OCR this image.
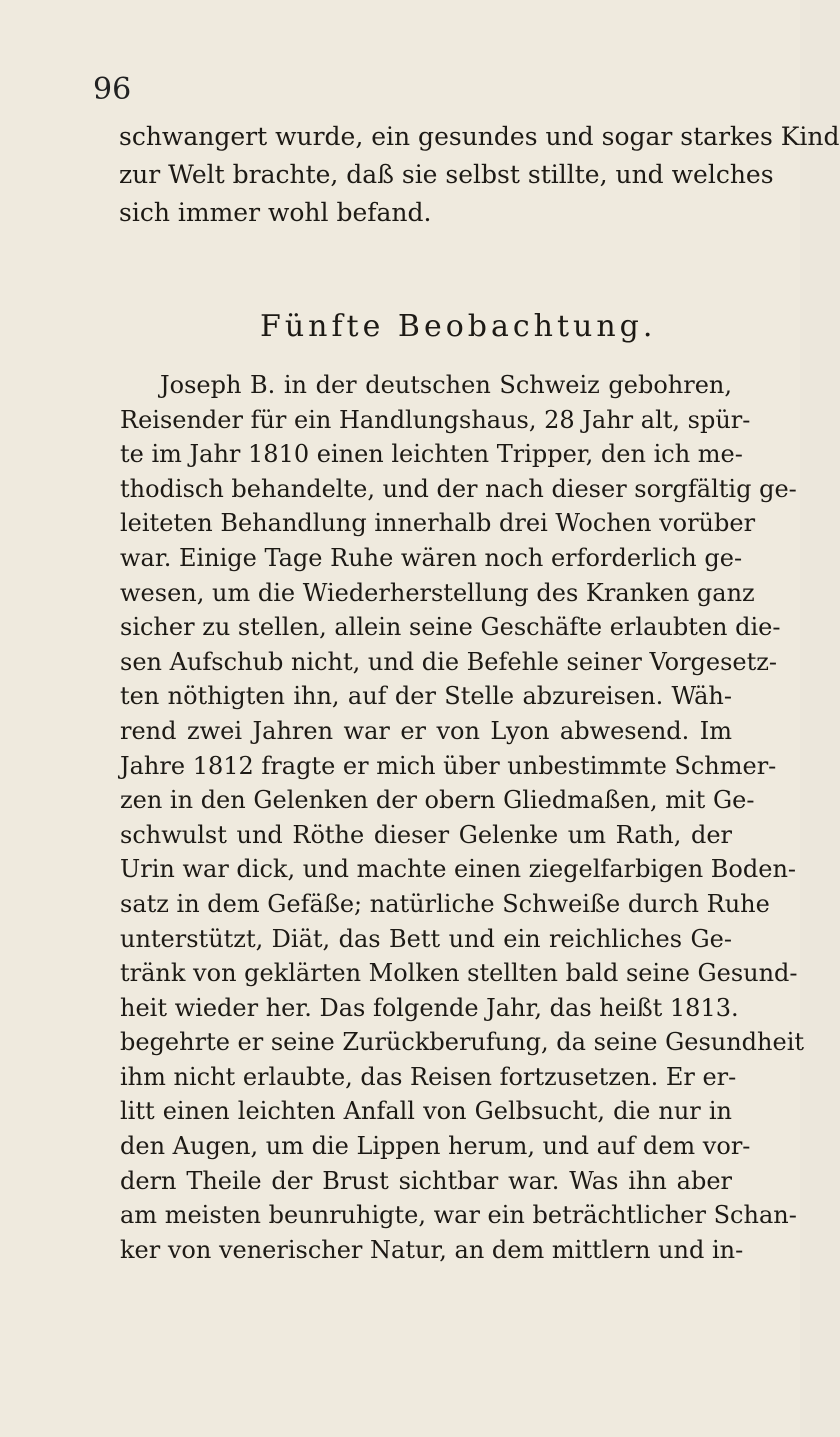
96
schwangert wurde, ein gesundes und sogar starkes Kind
zur Welt brachte, daß sie selbst stillte, und welches
sich immer wohl befand.
Fünfte Beobachtung.
Joseph B. in der deutschen Schweiz gebohren,
Reisender für ein Handlungshaus, 28 Jahr alt, spür-
te im Jahr 1810 einen leichten Tripper, den ich me-
thodisch behandelte, und der nach dieser sorgfältig ge-
leiteten Behandlung innerhalb drei Wochen vorüber
war. Einige Tage Ruhe wären noch erforderlich ge-
wesen, um die Wiederherstellung des Kranken ganz
sicher zu stellen, allein seine Geschäfte erlaubten die-
sen Aufschub nicht, und die Befehle seiner Vorgesetz-
ten nöthigten ihn, auf der Stelle abzureisen. Wäh-
rend zwei Jahren war er von Lyon abwesend. Im
Jahre 1812 fragte er mich über unbestimmte Schmer-
zen in den Gelenken der obern Gliedmaßen, mit Ge-
schwulst und Röthe dieser Gelenke um Rath, der
Urin war dick, und machte einen ziegelfarbigen Boden-
satz in dem Gefäße; natürliche Schweiße durch Ruhe
unterstützt, Diät, das Bett und ein reichliches Ge-
tränk von geklärten Molken stellten bald seine Gesund-
heit wieder her. Das folgende Jahr, das heißt 1813.
begehrte er seine Zurückberufung, da seine Gesundheit
ihm nicht erlaubte, das Reisen fortzusetzen. Er er-
litt einen leichten Anfall von Gelbsucht, die nur in
den Augen, um die Lippen herum, und auf dem vor-
dern Theile der Brust sichtbar war. Was ihn aber
am meisten beunruhigte, war ein beträchtlicher Schan-
ker von venerischer Natur, an dem mittlern und in-
